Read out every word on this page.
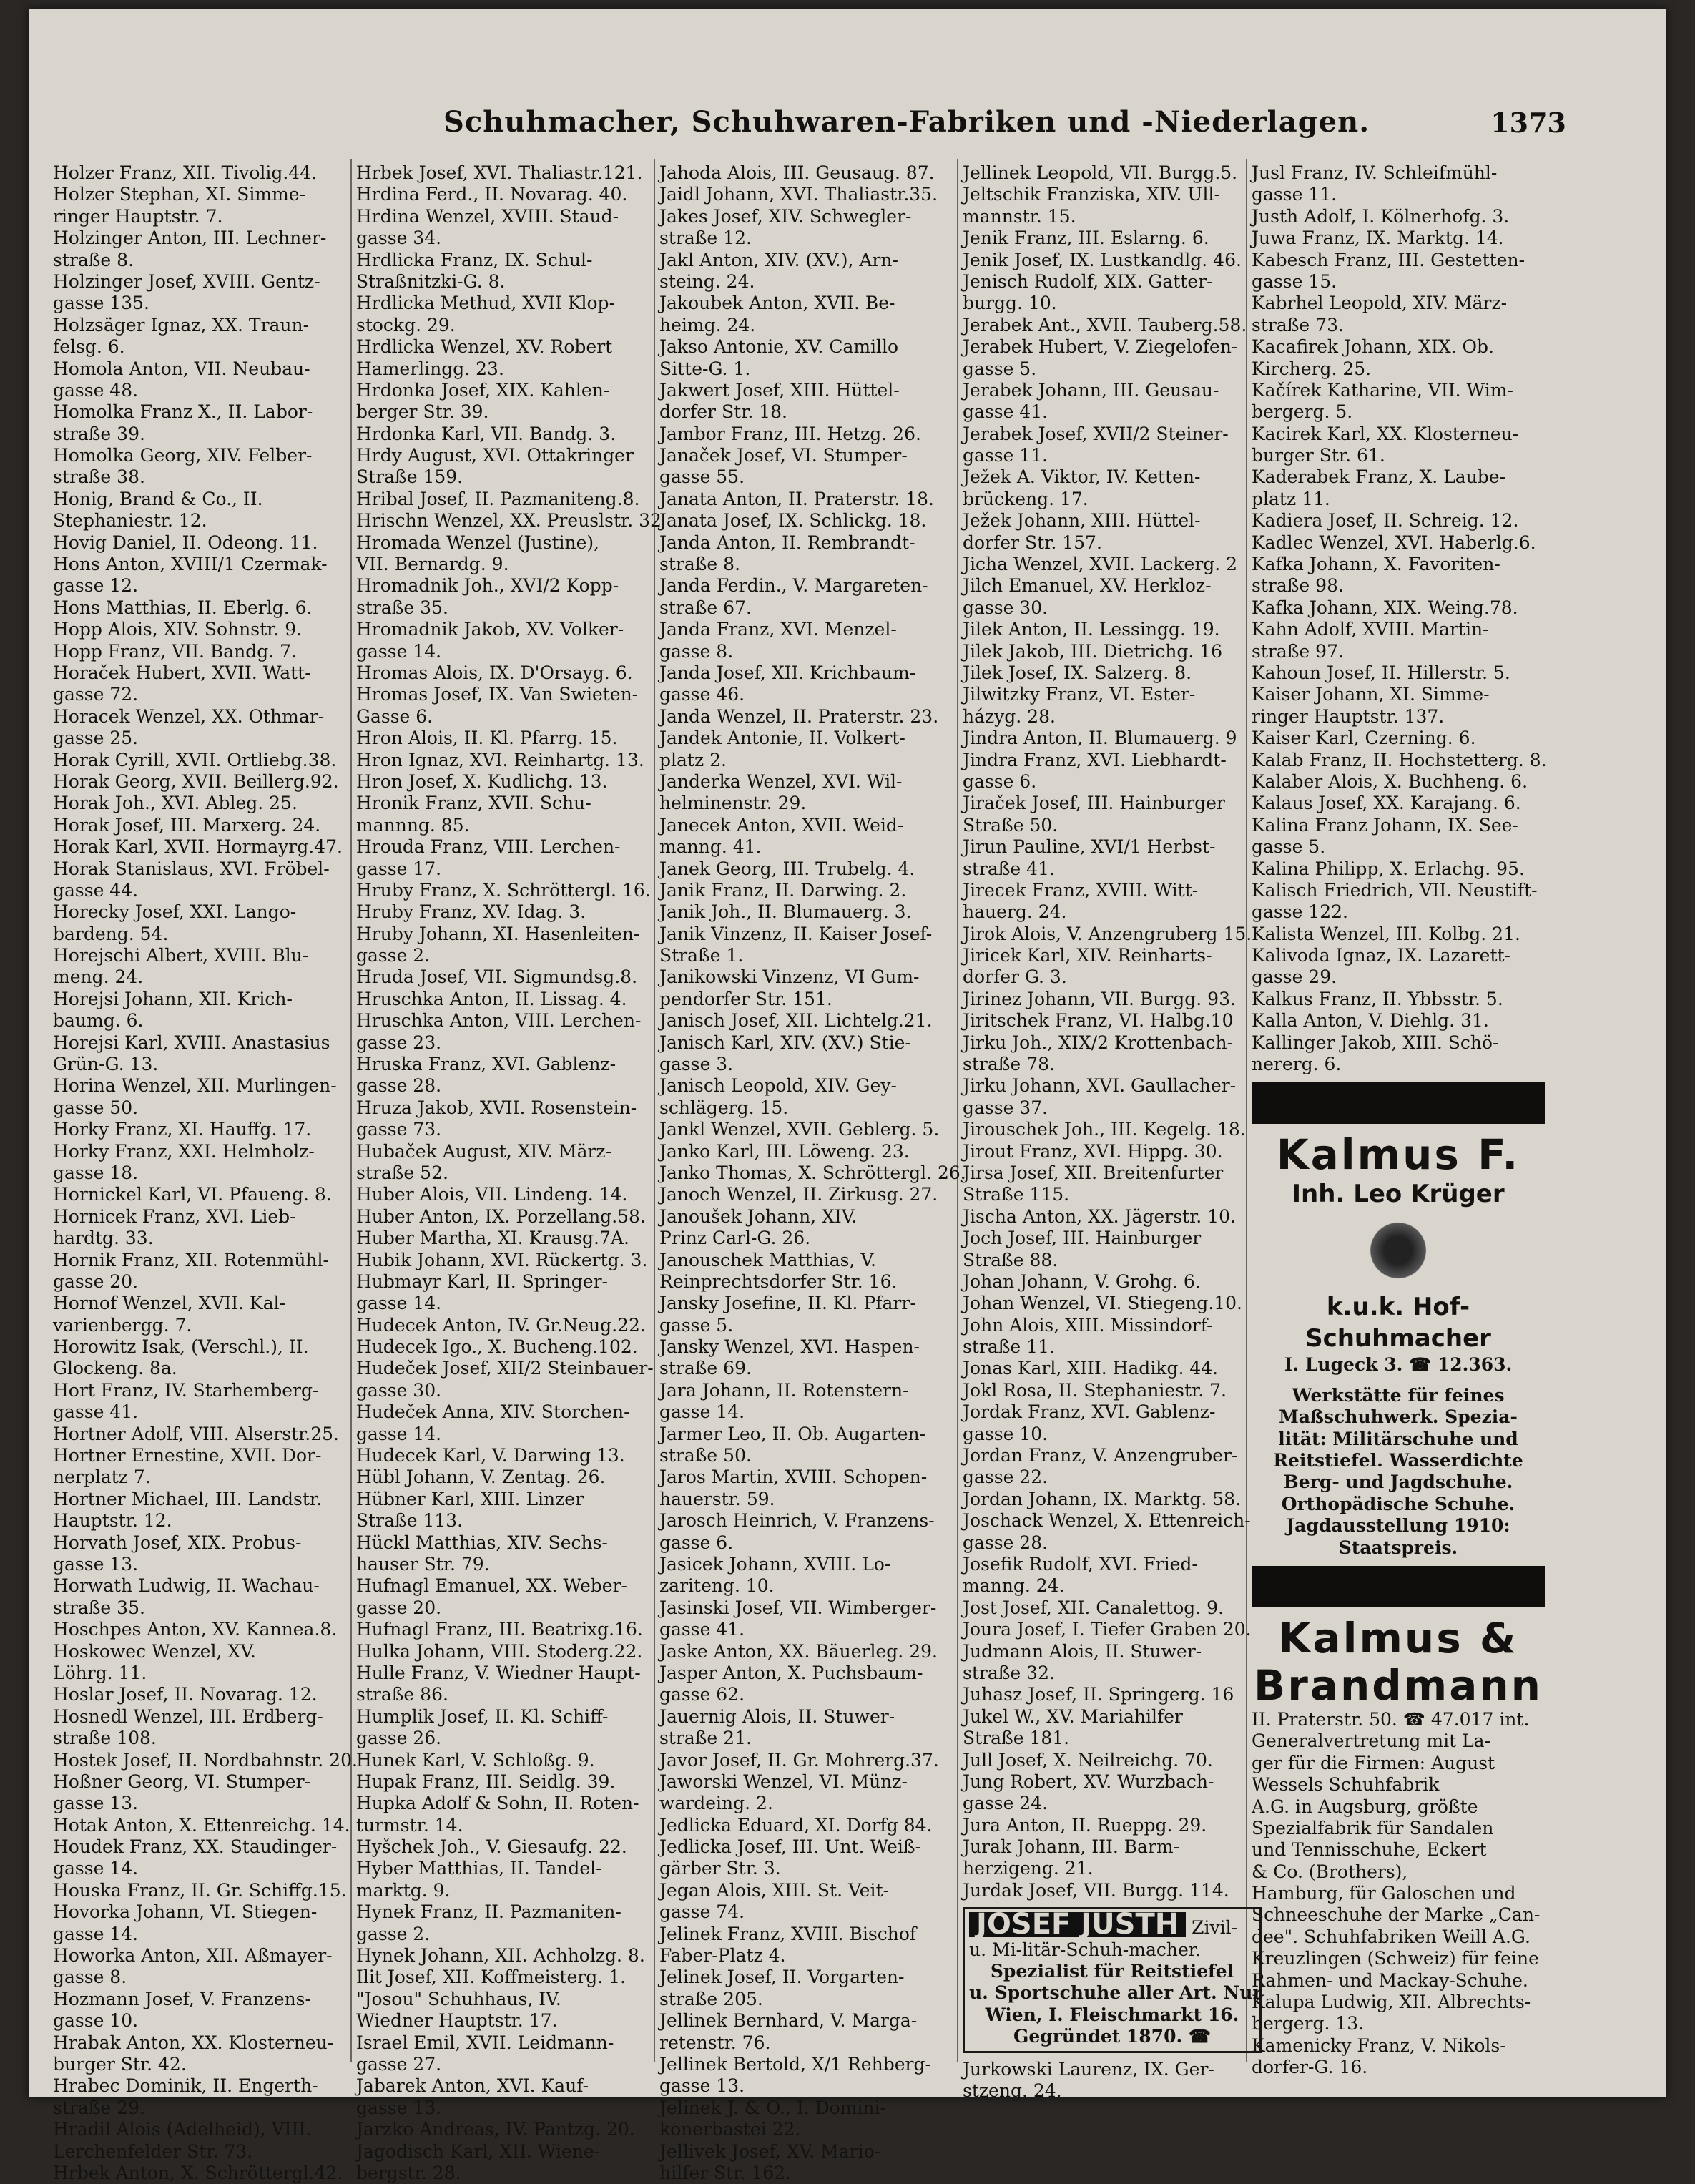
Schuhmacher, Schuhwaren-Fabriken und -Niederlagen.	1373
Holzer Franz, XII. Tivolig.44.
Holzer Stephan, XI. Simme-
ringer Hauptstr. 7.
Holzinger Anton, III. Lechner-
straße 8.
Holzinger Josef, XVIII. Gentz-
gasse 135.
Holzsäger Ignaz, XX. Traun-
felsg. 6.
Homola Anton, VII. Neubau-
gasse 48.
Homolka Franz X., II. Labor-
straße 39.
Homolka Georg, XIV. Felber-
straße 38.
Honig, Brand & Co., II.
Stephaniestr. 12.
Hovig Daniel, II. Odeong. 11.
Hons Anton, XVIII/1 Czermak-
gasse 12.
Hons Matthias, II. Eberlg. 6.
Hopp Alois, XIV. Sohnstr. 9.
Hopp Franz, VII. Bandg. 7.
Horaček Hubert, XVII. Watt-
gasse 72.
Horacek Wenzel, XX. Othmar-
gasse 25.
Horak Cyrill, XVII. Ortliebg.38.
Horak Georg, XVII. Beillerg.92.
Horak Joh., XVI. Ableg. 25.
Horak Josef, III. Marxerg. 24.
Horak Karl, XVII. Hormayrg.47.
Horak Stanislaus, XVI. Fröbel-
gasse 44.
Horecky Josef, XXI. Lango-
bardeng. 54.
Horejschi Albert, XVIII. Blu-
meng. 24.
Horejsi Johann, XII. Krich-
baumg. 6.
Horejsi Karl, XVIII. Anastasius
Grün-G. 13.
Horina Wenzel, XII. Murlingen-
gasse 50.
Horky Franz, XI. Hauffg. 17.
Horky Franz, XXI. Helmholz-
gasse 18.
Hornickel Karl, VI. Pfaueng. 8.
Hornicek Franz, XVI. Lieb-
hardtg. 33.
Hornik Franz, XII. Rotenmühl-
gasse 20.
Hornof Wenzel, XVII. Kal-
varienbergg. 7.
Horowitz Isak, (Verschl.), II.
Glockeng. 8a.
Hort Franz, IV. Starhemberg-
gasse 41.
Hortner Adolf, VIII. Alserstr.25.
Hortner Ernestine, XVII. Dor-
nerplatz 7.
Hortner Michael, III. Landstr.
Hauptstr. 12.
Horvath Josef, XIX. Probus-
gasse 13.
Horwath Ludwig, II. Wachau-
straße 35.
Hoschpes Anton, XV. Kannea.8.
Hoskowec Wenzel, XV.
Löhrg. 11.
Hoslar Josef, II. Novarag. 12.
Hosnedl Wenzel, III. Erdberg-
straße 108.
Hostek Josef, II. Nordbahnstr. 20.
Hoßner Georg, VI. Stumper-
gasse 13.
Hotak Anton, X. Ettenreichg. 14.
Houdek Franz, XX. Staudinger-
gasse 14.
Houska Franz, II. Gr. Schiffg.15.
Hovorka Johann, VI. Stiegen-
gasse 14.
Howorka Anton, XII. Aßmayer-
gasse 8.
Hozmann Josef, V. Franzens-
gasse 10.
Hrabak Anton, XX. Klosterneu-
burger Str. 42.
Hrabec Dominik, II. Engerth-
straße 29.
Hradil Alois (Adelheid), VIII.
Lerchenfelder Str. 73.
Hrbek Anton, X. Schröttergl.42.
Hrbek Josef, XVI. Thaliastr.121.
Hrdina Ferd., II. Novarag. 40.
Hrdina Wenzel, XVIII. Staud-
gasse 34.
Hrdlicka Franz, IX. Schul-
Straßnitzki-G. 8.
Hrdlicka Methud, XVII Klop-
stockg. 29.
Hrdlicka Wenzel, XV. Robert
Hamerlingg. 23.
Hrdonka Josef, XIX. Kahlen-
berger Str. 39.
Hrdonka Karl, VII. Bandg. 3.
Hrdy August, XVI. Ottakringer
Straße 159.
Hribal Josef, II. Pazmaniteng.8.
Hrischn Wenzel, XX. Preuslstr. 32
Hromada Wenzel (Justine),
VII. Bernardg. 9.
Hromadnik Joh., XVI/2 Kopp-
straße 35.
Hromadnik Jakob, XV. Volker-
gasse 14.
Hromas Alois, IX. D'Orsayg. 6.
Hromas Josef, IX. Van Swieten-
Gasse 6.
Hron Alois, II. Kl. Pfarrg. 15.
Hron Ignaz, XVI. Reinhartg. 13.
Hron Josef, X. Kudlichg. 13.
Hronik Franz, XVII. Schu-
mannng. 85.
Hrouda Franz, VIII. Lerchen-
gasse 17.
Hruby Franz, X. Schröttergl. 16.
Hruby Franz, XV. Idag. 3.
Hruby Johann, XI. Hasenleiten-
gasse 2.
Hruda Josef, VII. Sigmundsg.8.
Hruschka Anton, II. Lissag. 4.
Hruschka Anton, VIII. Lerchen-
gasse 23.
Hruska Franz, XVI. Gablenz-
gasse 28.
Hruza Jakob, XVII. Rosenstein-
gasse 73.
Hubaček August, XIV. März-
straße 52.
Huber Alois, VII. Lindeng. 14.
Huber Anton, IX. Porzellang.58.
Huber Martha, XI. Krausg.7A.
Hubik Johann, XVI. Rückertg. 3.
Hubmayr Karl, II. Springer-
gasse 14.
Hudecek Anton, IV. Gr.Neug.22.
Hudecek Igo., X. Bucheng.102.
Hudeček Josef, XII/2 Steinbauer-
gasse 30.
Hudeček Anna, XIV. Storchen-
gasse 14.
Hudecek Karl, V. Darwing 13.
Hübl Johann, V. Zentag. 26.
Hübner Karl, XIII. Linzer
Straße 113.
Hückl Matthias, XIV. Sechs-
hauser Str. 79.
Hufnagl Emanuel, XX. Weber-
gasse 20.
Hufnagl Franz, III. Beatrixg.16.
Hulka Johann, VIII. Stoderg.22.
Hulle Franz, V. Wiedner Haupt-
straße 86.
Humplik Josef, II. Kl. Schiff-
gasse 26.
Hunek Karl, V. Schloßg. 9.
Hupak Franz, III. Seidlg. 39.
Hupka Adolf & Sohn, II. Roten-
turmstr. 14.
Hyšchek Joh., V. Giesaufg. 22.
Hyber Matthias, II. Tandel-
marktg. 9.
Hynek Franz, II. Pazmaniten-
gasse 2.
Hynek Johann, XII. Achholzg. 8.
Ilit Josef, XII. Koffmeisterg. 1.
"Josou" Schuhhaus, IV.
Wiedner Hauptstr. 17.
Israel Emil, XVII. Leidmann-
gasse 27.
Jabarek Anton, XVI. Kauf-
gasse 13.
Jarzko Andreas, IV. Pantzg. 20.
Jagodisch Karl, XII. Wiene-
bergstr. 28.
Jahoda Alois, III. Geusaug. 87.
Jaidl Johann, XVI. Thaliastr.35.
Jakes Josef, XIV. Schwegler-
straße 12.
Jakl Anton, XIV. (XV.), Arn-
steing. 24.
Jakoubek Anton, XVII. Be-
heimg. 24.
Jakso Antonie, XV. Camillo
Sitte-G. 1.
Jakwert Josef, XIII. Hüttel-
dorfer Str. 18.
Jambor Franz, III. Hetzg. 26.
Janaček Josef, VI. Stumper-
gasse 55.
Janata Anton, II. Praterstr. 18.
Janata Josef, IX. Schlickg. 18.
Janda Anton, II. Rembrandt-
straße 8.
Janda Ferdin., V. Margareten-
straße 67.
Janda Franz, XVI. Menzel-
gasse 8.
Janda Josef, XII. Krichbaum-
gasse 46.
Janda Wenzel, II. Praterstr. 23.
Jandek Antonie, II. Volkert-
platz 2.
Janderka Wenzel, XVI. Wil-
helminenstr. 29.
Janecek Anton, XVII. Weid-
manng. 41.
Janek Georg, III. Trubelg. 4.
Janik Franz, II. Darwing. 2.
Janik Joh., II. Blumauerg. 3.
Janik Vinzenz, II. Kaiser Josef-
Straße 1.
Janikowski Vinzenz, VI Gum-
pendorfer Str. 151.
Janisch Josef, XII. Lichtelg.21.
Janisch Karl, XIV. (XV.) Stie-
gasse 3.
Janisch Leopold, XIV. Gey-
schlägerg. 15.
Jankl Wenzel, XVII. Geblerg. 5.
Janko Karl, III. Löweng. 23.
Janko Thomas, X. Schröttergl. 26.
Janoch Wenzel, II. Zirkusg. 27.
Janoušek Johann, XIV.
Prinz Carl-G. 26.
Janouschek Matthias, V.
Reinprechtsdorfer Str. 16.
Jansky Josefine, II. Kl. Pfarr-
gasse 5.
Jansky Wenzel, XVI. Haspen-
straße 69.
Jara Johann, II. Rotenstern-
gasse 14.
Jarmer Leo, II. Ob. Augarten-
straße 50.
Jaros Martin, XVIII. Schopen-
hauerstr. 59.
Jarosch Heinrich, V. Franzens-
gasse 6.
Jasicek Johann, XVIII. Lo-
zariteng. 10.
Jasinski Josef, VII. Wimberger-
gasse 41.
Jaske Anton, XX. Bäuerleg. 29.
Jasper Anton, X. Puchsbaum-
gasse 62.
Jauernig Alois, II. Stuwer-
straße 21.
Javor Josef, II. Gr. Mohrerg.37.
Jaworski Wenzel, VI. Münz-
wardeing. 2.
Jedlicka Eduard, XI. Dorfg 84.
Jedlicka Josef, III. Unt. Weiß-
gärber Str. 3.
Jegan Alois, XIII. St. Veit-
gasse 74.
Jelinek Franz, XVIII. Bischof
Faber-Platz 4.
Jelinek Josef, II. Vorgarten-
straße 205.
Jellinek Bernhard, V. Marga-
retenstr. 76.
Jellinek Bertold, X/1 Rehberg-
gasse 13.
Jelinek J. & O., I. Domini-
konerbastei 22.
Jellivek Josef, XV. Mario-
hilfer Str. 162.
Jellinek Leopold, VII. Burgg.5.
Jeltschik Franziska, XIV. Ull-
mannstr. 15.
Jenik Franz, III. Eslarng. 6.
Jenik Josef, IX. Lustkandlg. 46.
Jenisch Rudolf, XIX. Gatter-
burgg. 10.
Jerabek Ant., XVII. Tauberg.58.
Jerabek Hubert, V. Ziegelofen-
gasse 5.
Jerabek Johann, III. Geusau-
gasse 41.
Jerabek Josef, XVII/2 Steiner-
gasse 11.
Ježek A. Viktor, IV. Ketten-
brückeng. 17.
Ježek Johann, XIII. Hüttel-
dorfer Str. 157.
Jicha Wenzel, XVII. Lackerg. 2
Jilch Emanuel, XV. Herkloz-
gasse 30.
Jilek Anton, II. Lessingg. 19.
Jilek Jakob, III. Dietrichg. 16
Jilek Josef, IX. Salzerg. 8.
Jilwitzky Franz, VI. Ester-
házyg. 28.
Jindra Anton, II. Blumauerg. 9
Jindra Franz, XVI. Liebhardt-
gasse 6.
Jiraček Josef, III. Hainburger
Straße 50.
Jirun Pauline, XVI/1 Herbst-
straße 41.
Jirecek Franz, XVIII. Witt-
hauerg. 24.
Jirok Alois, V. Anzengruberg 15.
Jiricek Karl, XIV. Reinharts-
dorfer G. 3.
Jirinez Johann, VII. Burgg. 93.
Jiritschek Franz, VI. Halbg.10
Jirku Joh., XIX/2 Krottenbach-
straße 78.
Jirku Johann, XVI. Gaullacher-
gasse 37.
Jirouschek Joh., III. Kegelg. 18.
Jirout Franz, XVI. Hippg. 30.
Jirsa Josef, XII. Breitenfurter
Straße 115.
Jischa Anton, XX. Jägerstr. 10.
Joch Josef, III. Hainburger
Straße 88.
Johan Johann, V. Grohg. 6.
Johan Wenzel, VI. Stiegeng.10.
John Alois, XIII. Missindorf-
straße 11.
Jonas Karl, XIII. Hadikg. 44.
Jokl Rosa, II. Stephaniestr. 7.
Jordak Franz, XVI. Gablenz-
gasse 10.
Jordan Franz, V. Anzengruber-
gasse 22.
Jordan Johann, IX. Marktg. 58.
Joschack Wenzel, X. Ettenreich-
gasse 28.
Josefik Rudolf, XVI. Fried-
manng. 24.
Jost Josef, XII. Canalettog. 9.
Joura Josef, I. Tiefer Graben 20.
Judmann Alois, II. Stuwer-
straße 32.
Juhasz Josef, II. Springerg. 16
Jukel W., XV. Mariahilfer
Straße 181.
Jull Josef, X. Neilreichg. 70.
Jung Robert, XV. Wurzbach-
gasse 24.
Jura Anton, II. Rueppg. 29.
Jurak Johann, III. Barm-
herzigeng. 21.
Jurdak Josef, VII. Burgg. 114.
JOSEF JUSTH Zivil- u. Mi-litär-Schuh-macher.
Spezialist für Reitstiefel
u. Sportschuhe aller Art. Nur
Wien, I. Fleischmarkt 16.
Gegründet 1870. ☎
Jurkowski Laurenz, IX. Ger-
stzeng. 24.
Jusl Franz, IV. Schleifmühl-
gasse 11.
Justh Adolf, I. Kölnerhofg. 3.
Juwa Franz, IX. Marktg. 14.
Kabesch Franz, III. Gestetten-
gasse 15.
Kabrhel Leopold, XIV. März-
straße 73.
Kacafirek Johann, XIX. Ob.
Kircherg. 25.
Kačírek Katharine, VII. Wim-
bergerg. 5.
Kacirek Karl, XX. Klosterneu-
burger Str. 61.
Kaderabek Franz, X. Laube-
platz 11.
Kadiera Josef, II. Schreig. 12.
Kadlec Wenzel, XVI. Haberlg.6.
Kafka Johann, X. Favoriten-
straße 98.
Kafka Johann, XIX. Weing.78.
Kahn Adolf, XVIII. Martin-
straße 97.
Kahoun Josef, II. Hillerstr. 5.
Kaiser Johann, XI. Simme-
ringer Hauptstr. 137.
Kaiser Karl, Czerning. 6.
Kalab Franz, II. Hochstetterg. 8.
Kalaber Alois, X. Buchheng. 6.
Kalaus Josef, XX. Karajang. 6.
Kalina Franz Johann, IX. See-
gasse 5.
Kalina Philipp, X. Erlachg. 95.
Kalisch Friedrich, VII. Neustift-
gasse 122.
Kalista Wenzel, III. Kolbg. 21.
Kalivoda Ignaz, IX. Lazarett-
gasse 29.
Kalkus Franz, II. Ybbsstr. 5.
Kalla Anton, V. Diehlg. 31.
Kallinger Jakob, XIII. Schö-
nererg. 6.
Kalmus F.
Inh. Leo Krüger
k.u.k. Hof-Schuhmacher
I. Lugeck 3. ☎ 12.363.
Werkstätte für feines
Maßschuhwerk. Spezia-
lität: Militärschuhe und
Reitstiefel. Wasserdichte
Berg- und Jagdschuhe.
Orthopädische Schuhe.
Jagdausstellung 1910:
Staatspreis.
Kalmus &
Brandmann
II. Praterstr. 50. ☎ 47.017 int.
Generalvertretung mit La-
ger für die Firmen: August
Wessels Schuhfabrik
A.G. in Augsburg, größte
Spezialfabrik für Sandalen
und Tennisschuhe, Eckert
& Co. (Brothers),
Hamburg, für Galoschen und
Schneeschuhe der Marke „Can-
dee". Schuhfabriken Weill A.G.
Kreuzlingen (Schweiz) für feine
Rahmen- und Mackay-Schuhe.
Kalupa Ludwig, XII. Albrechts-
bergerg. 13.
Kamenicky Franz, V. Nikols-
dorfer-G. 16.
